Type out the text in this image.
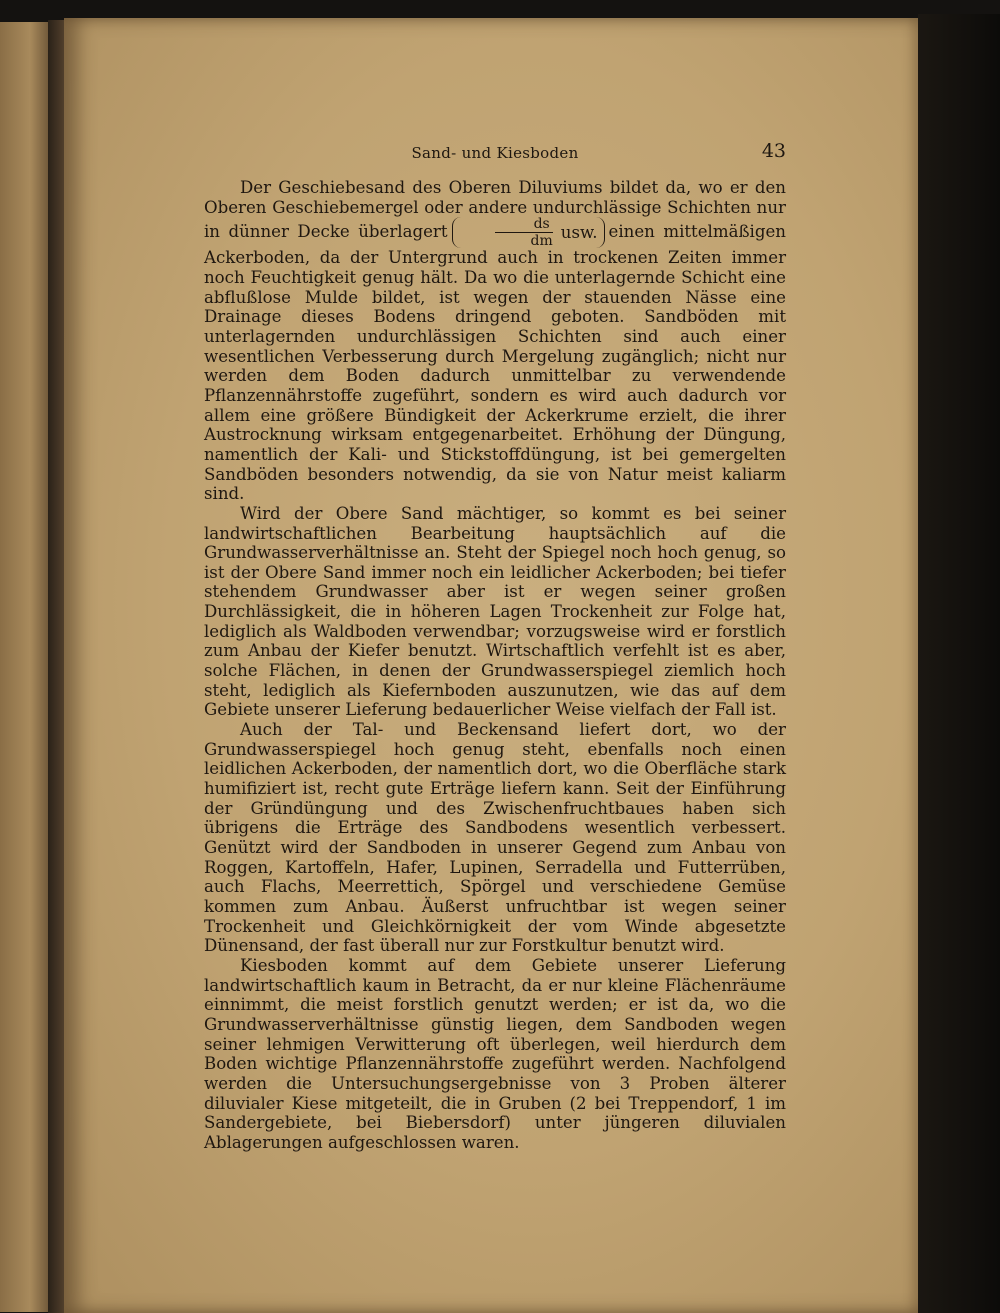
Sand- und Kiesboden	43

Der Geschiebesand des Oberen Diluviums bildet da, wo er den Oberen Geschiebemergel oder andere undurchlässige Schichten nur in dünner Decke überlagert	$\frac{ds}{dm}$ usw. einen mittelmäßigen Ackerboden, da der Untergrund auch in trockenen Zeiten immer noch Feuchtigkeit genug hält. Da wo die unterlagernde Schicht eine abflußlose Mulde bildet, ist wegen der stauenden Nässe eine Drainage dieses Bodens dringend geboten. Sandböden mit unterlagernden undurchlässigen Schichten sind auch einer wesentlichen Verbesserung durch Mergelung zugänglich; nicht nur werden dem Boden dadurch unmittelbar zu verwendende Pflanzennährstoffe zugeführt, sondern es wird auch dadurch vor allem eine größere Bündigkeit der Ackerkrume erzielt, die ihrer Austrocknung wirksam entgegenarbeitet. Erhöhung der Düngung, namentlich der Kali- und Stickstoffdüngung, ist bei gemergelten Sandböden besonders notwendig, da sie von Natur meist kaliarm sind.

Wird der Obere Sand mächtiger, so kommt es bei seiner landwirtschaftlichen Bearbeitung hauptsächlich auf die Grundwasserverhältnisse an. Steht der Spiegel noch hoch genug, so ist der Obere Sand immer noch ein leidlicher Ackerboden; bei tiefer stehendem Grundwasser aber ist er wegen seiner großen Durchlässigkeit, die in höheren Lagen Trockenheit zur Folge hat, lediglich als Waldboden verwendbar; vorzugsweise wird er forstlich zum Anbau der Kiefer benutzt. Wirtschaftlich verfehlt ist es aber, solche Flächen, in denen der Grundwasserspiegel ziemlich hoch steht, lediglich als Kiefernboden auszunutzen, wie das auf dem Gebiete unserer Lieferung bedauerlicher Weise vielfach der Fall ist.

Auch der Tal- und Beckensand liefert dort, wo der Grundwasserspiegel hoch genug steht, ebenfalls noch einen leidlichen Ackerboden, der namentlich dort, wo die Oberfläche stark humifiziert ist, recht gute Erträge liefern kann. Seit der Einführung der Gründüngung und des Zwischenfruchtbaues haben sich übrigens die Erträge des Sandbodens wesentlich verbessert. Genützt wird der Sandboden in unserer Gegend zum Anbau von Roggen, Kartoffeln, Hafer, Lupinen, Serradella und Futterrüben, auch Flachs, Meerrettich, Spörgel und verschiedene Gemüse kommen zum Anbau. Äußerst unfruchtbar ist wegen seiner Trockenheit und Gleichkörnigkeit der vom Winde abgesetzte Dünensand, der fast überall nur zur Forstkultur benutzt wird.

Kiesboden kommt auf dem Gebiete unserer Lieferung landwirtschaftlich kaum in Betracht, da er nur kleine Flächenräume einnimmt, die meist forstlich genutzt werden; er ist da, wo die Grundwasserverhältnisse günstig liegen, dem Sandboden wegen seiner lehmigen Verwitterung oft überlegen, weil hierdurch dem Boden wichtige Pflanzennährstoffe zugeführt werden. Nachfolgend werden die Untersuchungsergebnisse von 3 Proben älterer diluvialer Kiese mitgeteilt, die in Gruben (2 bei Treppendorf, 1 im Sandergebiete, bei Biebersdorf) unter jüngeren diluvialen Ablagerungen aufgeschlossen waren.
